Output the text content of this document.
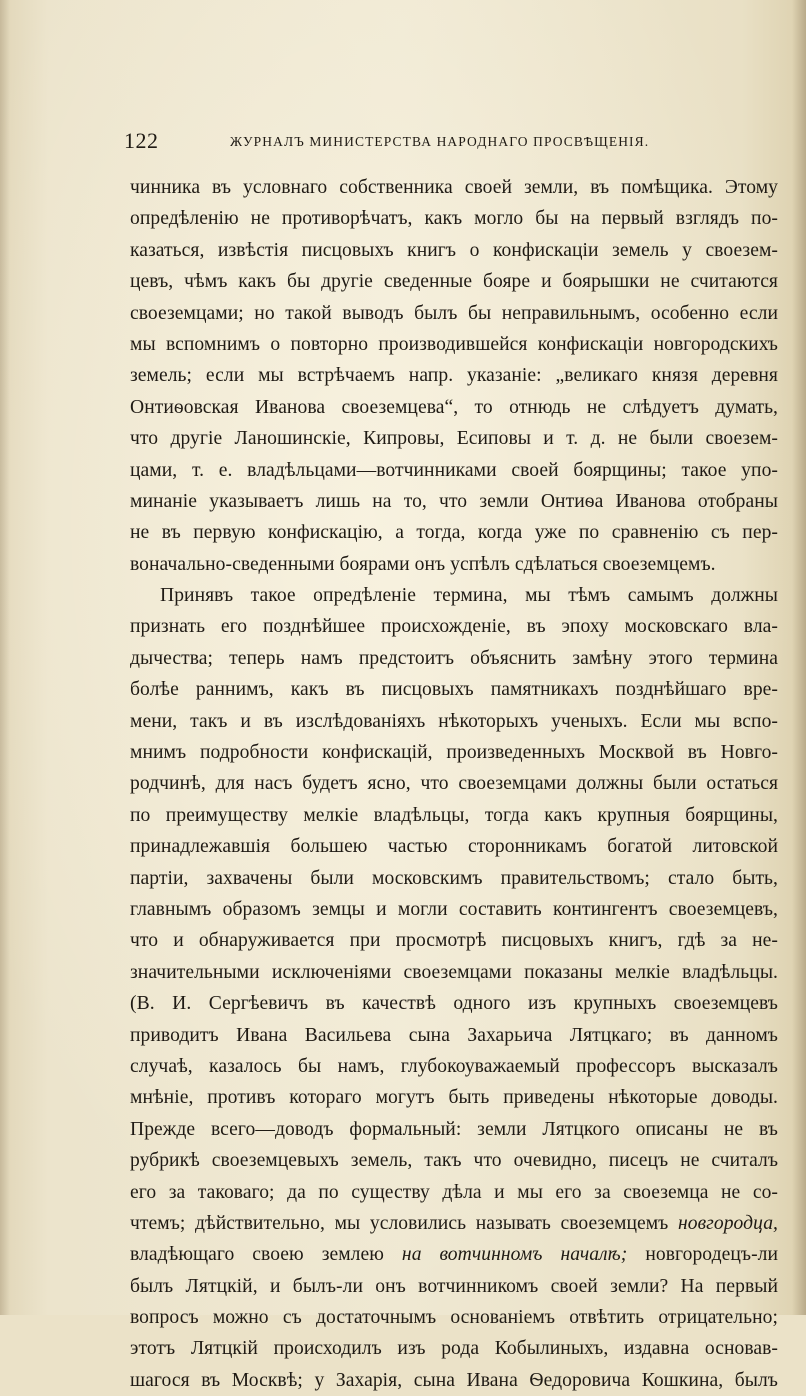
122	ЖУРНАЛЪ МИНИСТЕРСТВА НАРОДНАГО ПРОСВѢЩЕНІЯ.
чинника въ условнаго собственника своей земли, въ помѣщика. Этому
опредѣленію не противорѣчатъ, какъ могло бы на первый взглядъ по-
казаться, извѣстія писцовыхъ книгъ о конфискаціи земель у своезем-
цевъ, чѣмъ какъ бы другіе сведенные бояре и боярышки не считаются
своеземцами; но такой выводъ былъ бы неправильнымъ, особенно если
мы вспомнимъ о повторно производившейся конфискаціи новгородскихъ
земель; если мы встрѣчаемъ напр. указаніе: „великаго князя деревня
Онтиѳовская Иванова своеземцева“, то отнюдь не слѣдуетъ думать,
что другіе Ланошинскіе, Кипровы, Есиповы и т. д. не были своезем-
цами, т. е. владѣльцами—вотчинниками своей боярщины; такое упо-
минаніе указываетъ лишь на то, что земли Онтиѳа Иванова отобраны
не въ первую конфискацію, а тогда, когда уже по сравненію съ пер-
воначально-сведенными боярами онъ успѣлъ сдѣлаться своеземцемъ.
Принявъ такое опредѣленіе термина, мы тѣмъ самымъ должны
признать его позднѣйшее происхожденіе, въ эпоху московскаго вла-
дычества; теперь намъ предстоитъ объяснить замѣну этого термина
болѣе раннимъ, какъ въ писцовыхъ памятникахъ позднѣйшаго вре-
мени, такъ и въ изслѣдованіяхъ нѣкоторыхъ ученыхъ. Если мы вспо-
мнимъ подробности конфискацій, произведенныхъ Москвой въ Новго-
родчинѣ, для насъ будетъ ясно, что своеземцами должны были остаться
по преимуществу мелкіе владѣльцы, тогда какъ крупныя боярщины,
принадлежавшія большею частью сторонникамъ богатой литовской
партіи, захвачены были московскимъ правительствомъ; стало быть,
главнымъ образомъ земцы и могли составить контингентъ своеземцевъ,
что и обнаруживается при просмотрѣ писцовыхъ книгъ, гдѣ за не-
значительными исключеніями своеземцами показаны мелкіе владѣльцы.
(В. И. Сергѣевичъ въ качествѣ одного изъ крупныхъ своеземцевъ
приводитъ Ивана Васильева сына Захарьича Лятцкаго; въ данномъ
случаѣ, казалось бы намъ, глубокоуважаемый профессоръ высказалъ
мнѣніе, противъ котораго могутъ быть приведены нѣкоторые доводы.
Прежде всего—доводъ формальный: земли Лятцкого описаны не въ
рубрикѣ своеземцевыхъ земель, такъ что очевидно, писецъ не считалъ
его за таковаго; да по существу дѣла и мы его за своеземца не со-
чтемъ; дѣйствительно, мы условились называть своеземцемъ новгородца,
владѣющаго своею землею на вотчинномъ началѣ; новгородецъ-ли
былъ Лятцкій, и былъ-ли онъ вотчинникомъ своей земли? На первый
вопросъ можно съ достаточнымъ основаніемъ отвѣтить отрицательно;
этотъ Лятцкій происходилъ изъ рода Кобылиныхъ, издавна основав-
шагося въ Москвѣ; у Захарія, сына Ивана Ѳедоровича Кошкина, былъ
